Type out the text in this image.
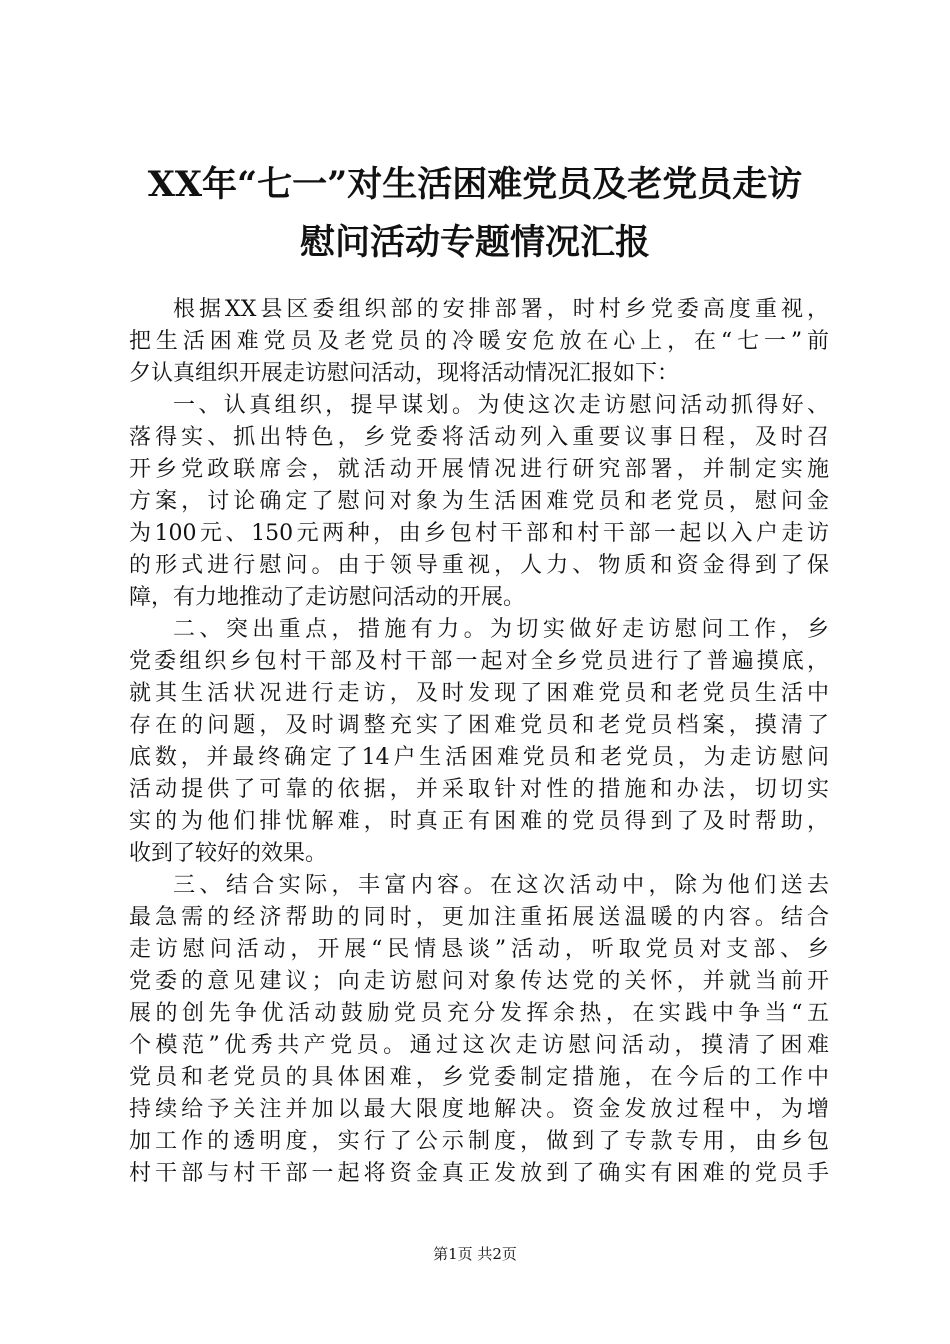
XX年“七一”对生活困难党员及老党员走访
慰问活动专题情况汇报
根据XX县区委组织部的安排部署，时村乡党委高度重视，
把生活困难党员及老党员的冷暖安危放在心上，在“七一”前
夕认真组织开展走访慰问活动，现将活动情况汇报如下：
一、认真组织，提早谋划。为使这次走访慰问活动抓得好、
落得实、抓出特色，乡党委将活动列入重要议事日程，及时召
开乡党政联席会，就活动开展情况进行研究部署，并制定实施
方案，讨论确定了慰问对象为生活困难党员和老党员，慰问金
为100元、150元两种，由乡包村干部和村干部一起以入户走访
的形式进行慰问。由于领导重视，人力、物质和资金得到了保
障，有力地推动了走访慰问活动的开展。
二、突出重点，措施有力。为切实做好走访慰问工作，乡
党委组织乡包村干部及村干部一起对全乡党员进行了普遍摸底，
就其生活状况进行走访，及时发现了困难党员和老党员生活中
存在的问题，及时调整充实了困难党员和老党员档案，摸清了
底数，并最终确定了14户生活困难党员和老党员，为走访慰问
活动提供了可靠的依据，并采取针对性的措施和办法，切切实
实的为他们排忧解难，时真正有困难的党员得到了及时帮助，
收到了较好的效果。
三、结合实际，丰富内容。在这次活动中，除为他们送去
最急需的经济帮助的同时，更加注重拓展送温暖的内容。结合
走访慰问活动，开展“民情恳谈”活动，听取党员对支部、乡
党委的意见建议；向走访慰问对象传达党的关怀，并就当前开
展的创先争优活动鼓励党员充分发挥余热，在实践中争当“五
个模范”优秀共产党员。通过这次走访慰问活动，摸清了困难
党员和老党员的具体困难，乡党委制定措施，在今后的工作中
持续给予关注并加以最大限度地解决。资金发放过程中，为增
加工作的透明度，实行了公示制度，做到了专款专用，由乡包
村干部与村干部一起将资金真正发放到了确实有困难的党员手
第1页 共2页
